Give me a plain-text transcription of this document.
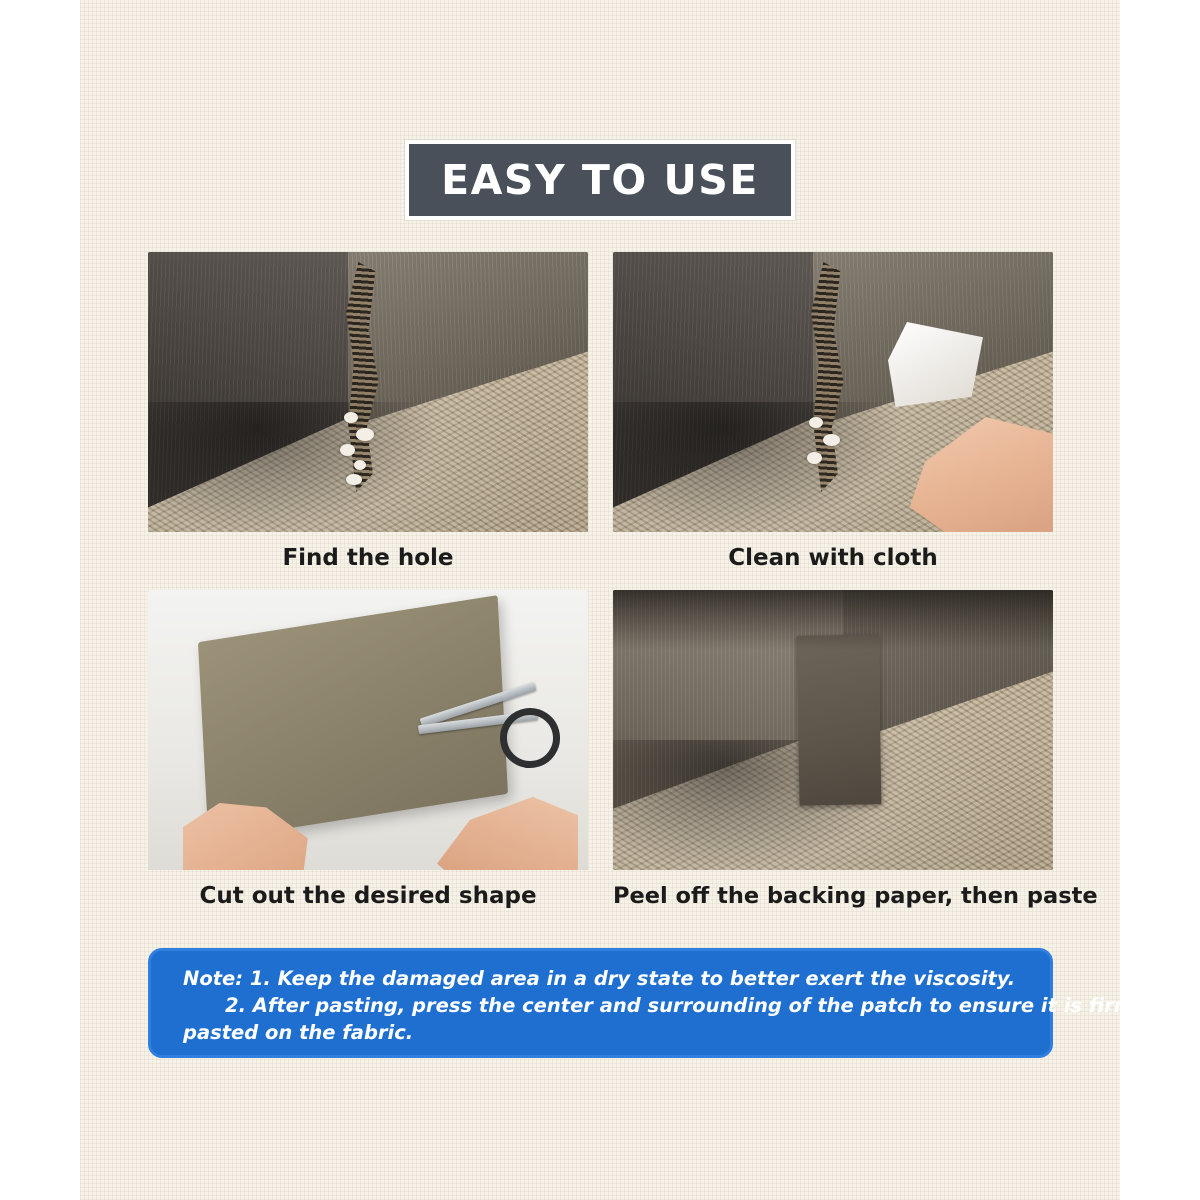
EASY TO USE
Find the hole	Clean with cloth
Cut out the desired shape	Peel off the backing paper, then paste
Note: 1. Keep the damaged area in a dry state to better exert the viscosity.
2. After pasting, press the center and surrounding of the patch to ensure it is firmly
pasted on the fabric.
